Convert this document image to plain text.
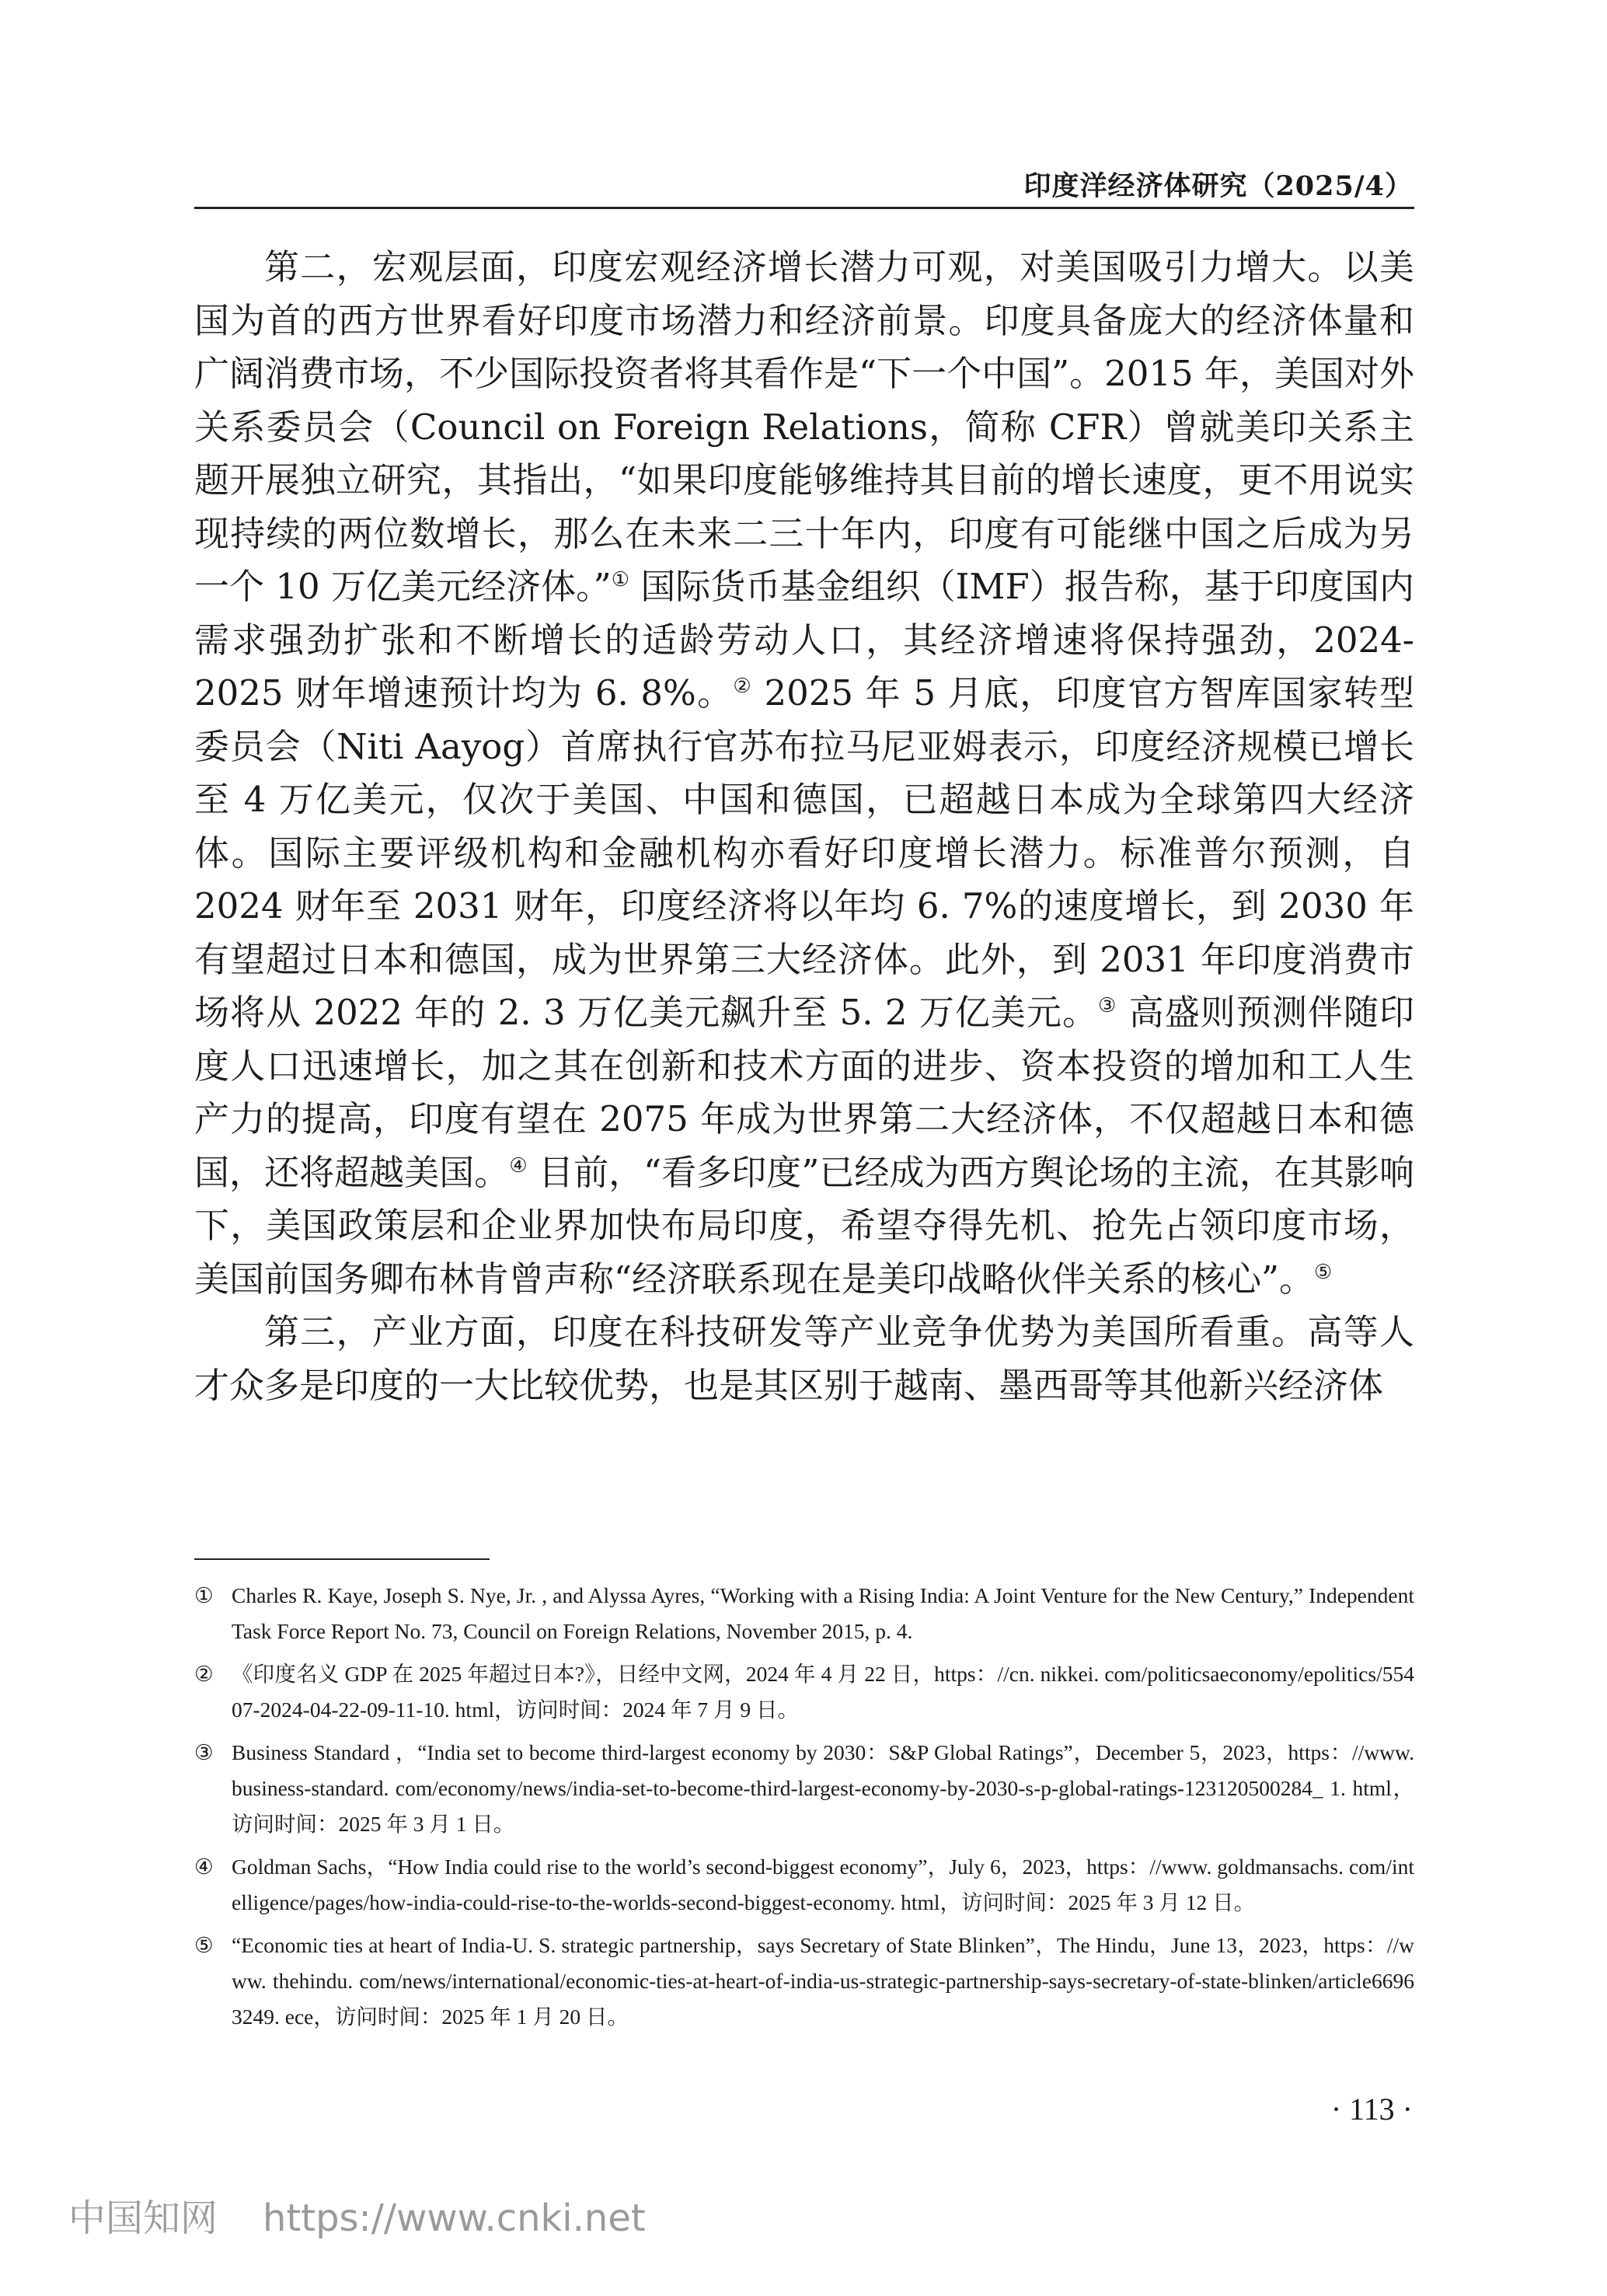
印度洋经济体研究（2025/4）

第二，宏观层面，印度宏观经济增长潜力可观，对美国吸引力增大。以美国为首的西方世界看好印度市场潜力和经济前景。印度具备庞大的经济体量和广阔消费市场，不少国际投资者将其看作是“下一个中国”。2015 年，美国对外关系委员会（Council on Foreign Relations，简称 CFR）曾就美印关系主题开展独立研究，其指出，“如果印度能够维持其目前的增长速度，更不用说实现持续的两位数增长，那么在未来二三十年内，印度有可能继中国之后成为另一个 10 万亿美元经济体。”① 国际货币基金组织（IMF）报告称，基于印度国内需求强劲扩张和不断增长的适龄劳动人口，其经济增速将保持强劲，2024-2025 财年增速预计均为 6. 8%。② 2025 年 5 月底，印度官方智库国家转型委员会（Niti Aayog）首席执行官苏布拉马尼亚姆表示，印度经济规模已增长至 4 万亿美元，仅次于美国、中国和德国，已超越日本成为全球第四大经济体。国际主要评级机构和金融机构亦看好印度增长潜力。标准普尔预测，自 2024 财年至 2031 财年，印度经济将以年均 6. 7%的速度增长，到 2030 年有望超过日本和德国，成为世界第三大经济体。此外，到 2031 年印度消费市场将从 2022 年的 2. 3 万亿美元飙升至 5. 2 万亿美元。③ 高盛则预测伴随印度人口迅速增长，加之其在创新和技术方面的进步、资本投资的增加和工人生产力的提高，印度有望在 2075 年成为世界第二大经济体，不仅超越日本和德国，还将超越美国。④ 目前，“看多印度”已经成为西方舆论场的主流，在其影响下，美国政策层和企业界加快布局印度，希望夺得先机、抢先占领印度市场，美国前国务卿布林肯曾声称“经济联系现在是美印战略伙伴关系的核心”。⑤

第三，产业方面，印度在科技研发等产业竞争优势为美国所看重。高等人才众多是印度的一大比较优势，也是其区别于越南、墨西哥等其他新兴经济体

① Charles R. Kaye, Joseph S. Nye, Jr. , and Alyssa Ayres, “Working with a Rising India: A Joint Venture for the New Century,” Independent Task Force Report No. 73, Council on Foreign Relations, November 2015, p. 4.
② 《印度名义 GDP 在 2025 年超过日本?》，日经中文网，2024 年 4 月 22 日，https：//cn. nikkei. com/politicsaeconomy/epolitics/55407-2024-04-22-09-11-10. html，访问时间：2024 年 7 月 9 日。
③ Business Standard ，“India set to become third-largest economy by 2030：S&P Global Ratings”，December 5，2023，https：//www. business-standard. com/economy/news/india-set-to-become-third-largest-economy-by-2030-s-p-global-ratings-123120500284_ 1. html，访问时间：2025 年 3 月 1 日。
④ Goldman Sachs，“How India could rise to the world’s second-biggest economy”，July 6，2023，https：//www. goldmansachs. com/intelligence/pages/how-india-could-rise-to-the-worlds-second-biggest-economy. html，访问时间：2025 年 3 月 12 日。
⑤ “Economic ties at heart of India-U. S. strategic partnership，says Secretary of State Blinken”，The Hindu，June 13，2023，https：//www. thehindu. com/news/international/economic-ties-at-heart-of-india-us-strategic-partnership-says-secretary-of-state-blinken/article66963249. ece，访问时间：2025 年 1 月 20 日。
· 113 ·
中国知网 https://www.cnki.net
